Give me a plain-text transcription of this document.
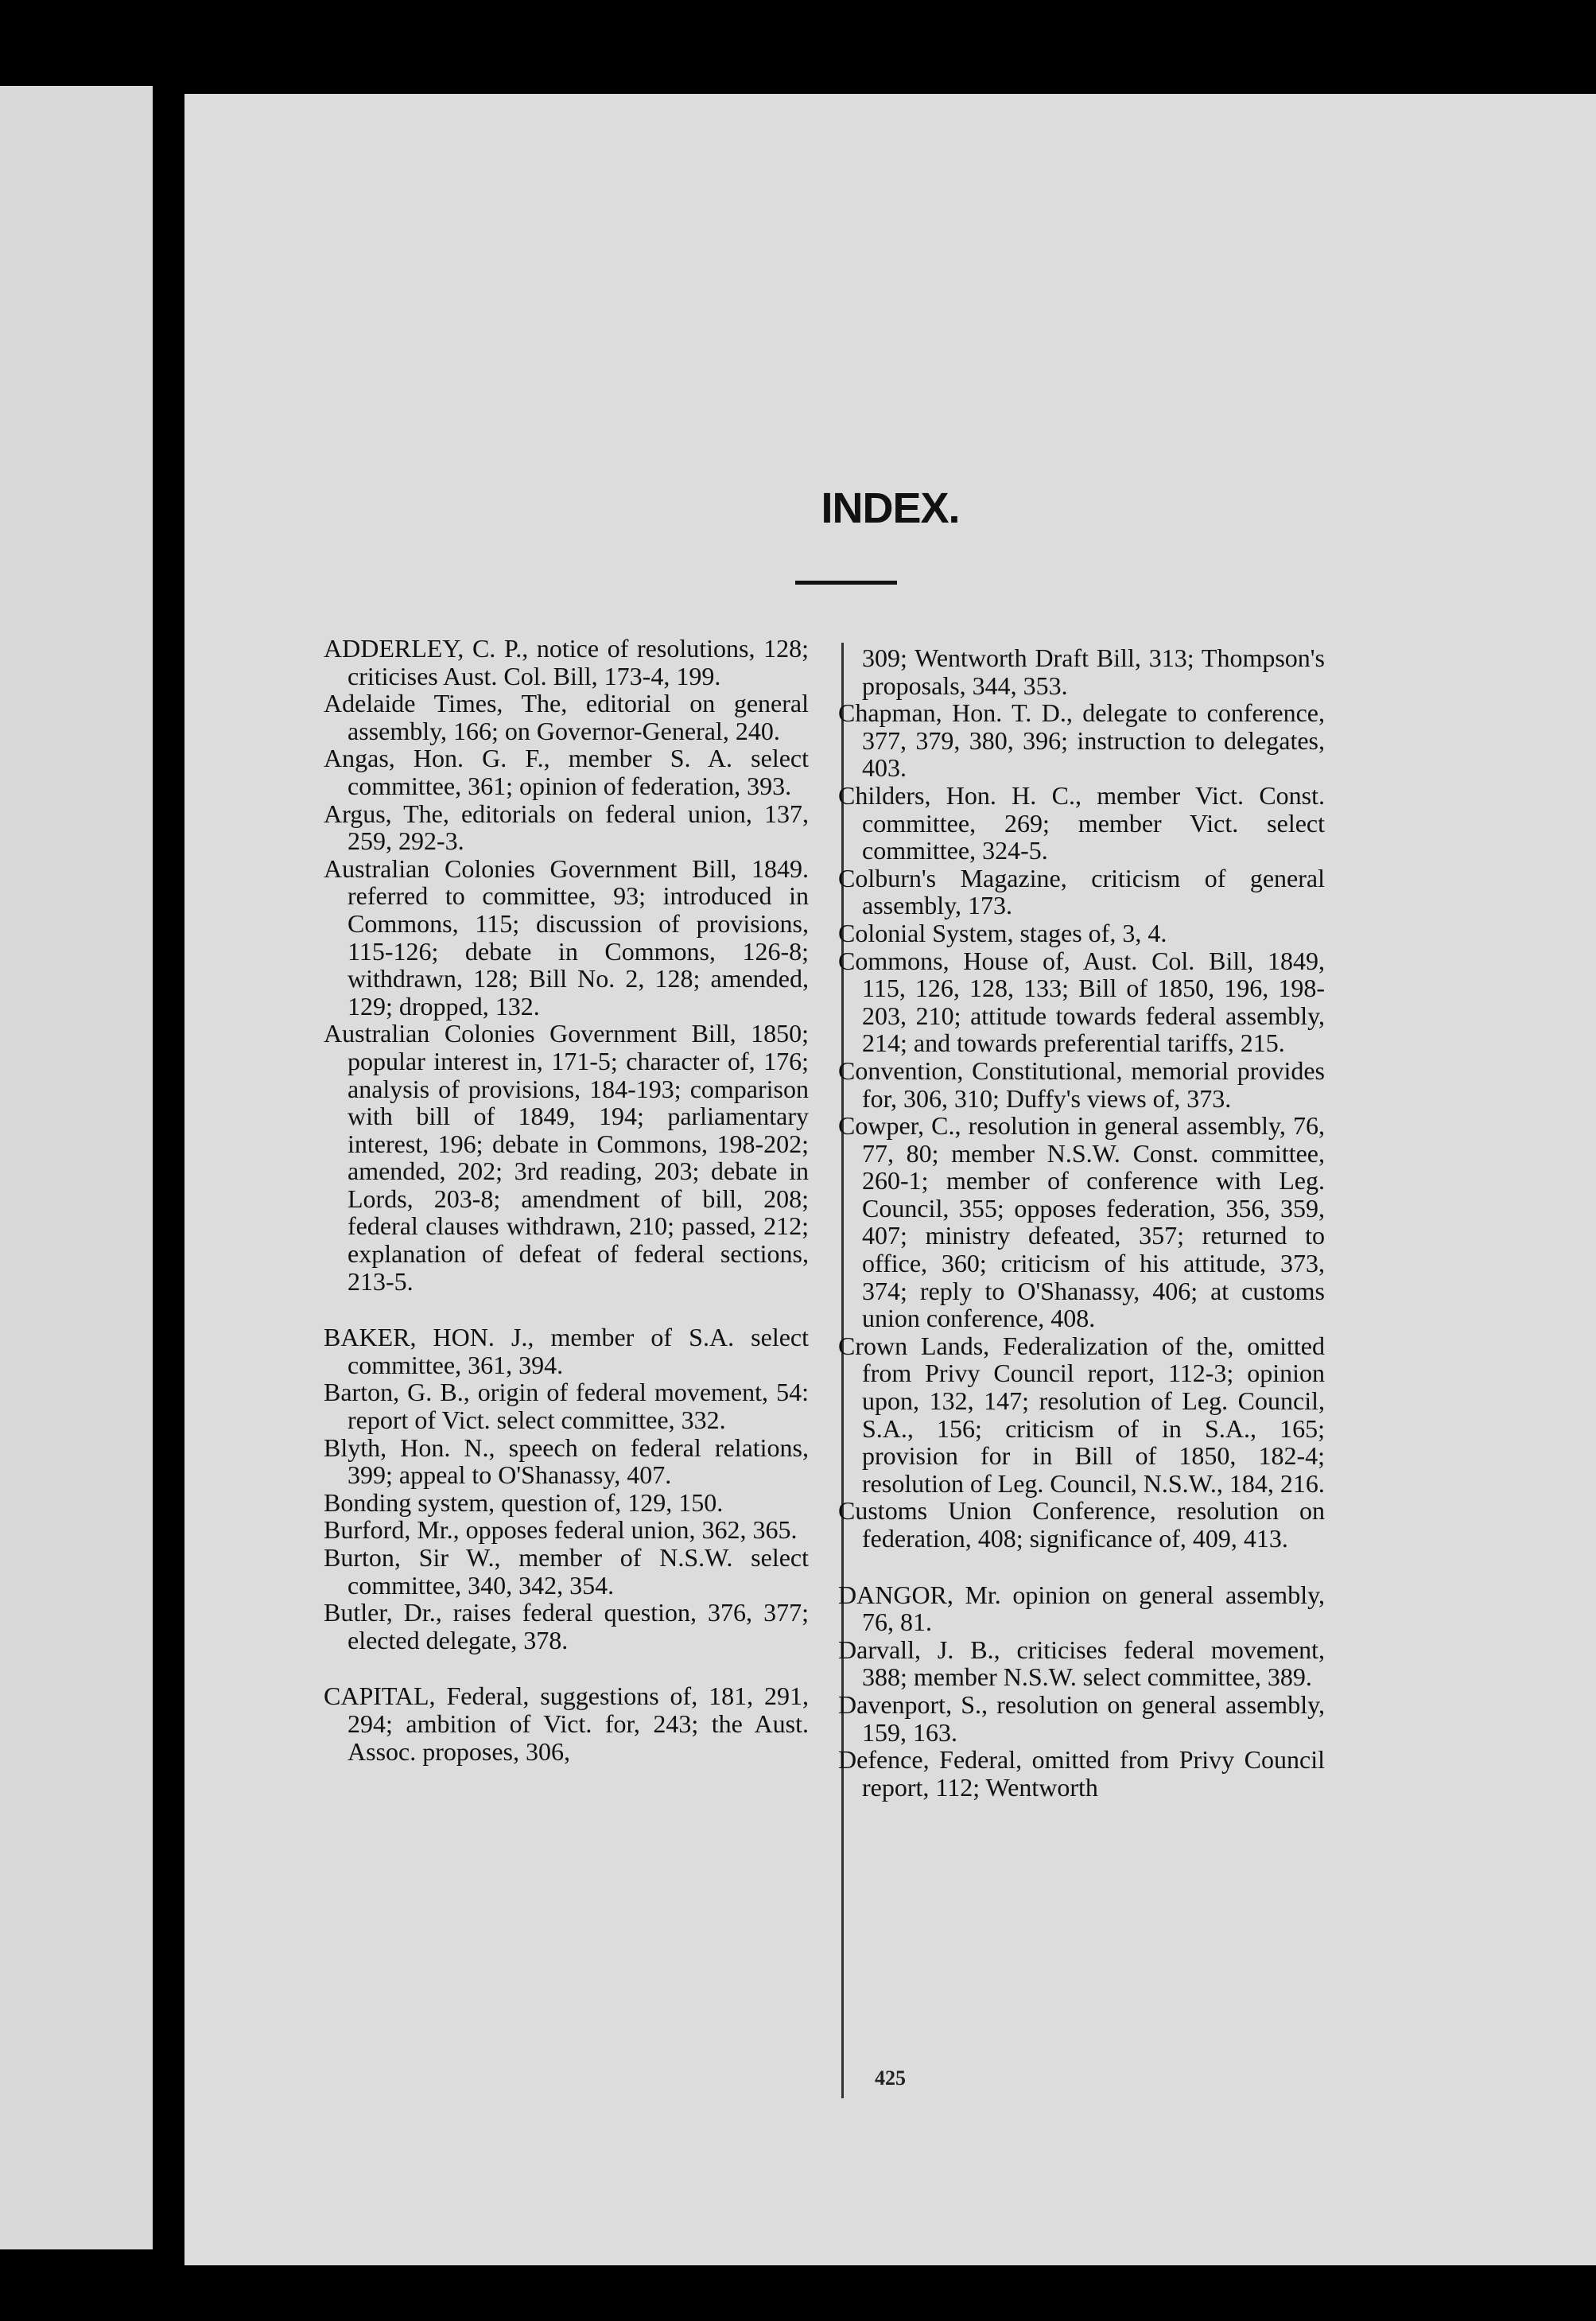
INDEX.
ADDERLEY, C. P., notice of resolutions, 128; criticises Aust. Col. Bill, 173-4, 199.
Adelaide Times, The, editorial on general assembly, 166; on Governor-General, 240.
Angas, Hon. G. F., member S. A. select committee, 361; opinion of federation, 393.
Argus, The, editorials on federal union, 137, 259, 292-3.
Australian Colonies Government Bill, 1849. referred to committee, 93; introduced in Commons, 115; discussion of provisions, 115-126; debate in Commons, 126-8; withdrawn, 128; Bill No. 2, 128; amended, 129; dropped, 132.
Australian Colonies Government Bill, 1850; popular interest in, 171-5; character of, 176; analysis of provisions, 184-193; comparison with bill of 1849, 194; parliamentary interest, 196; debate in Commons, 198-202; amended, 202; 3rd reading, 203; debate in Lords, 203-8; amendment of bill, 208; federal clauses withdrawn, 210; passed, 212; explanation of defeat of federal sections, 213-5.
BAKER, HON. J., member of S.A. select committee, 361, 394.
Barton, G. B., origin of federal movement, 54: report of Vict. select committee, 332.
Blyth, Hon. N., speech on federal relations, 399; appeal to O'Shanassy, 407.
Bonding system, question of, 129, 150.
Burford, Mr., opposes federal union, 362, 365.
Burton, Sir W., member of N.S.W. select committee, 340, 342, 354.
Butler, Dr., raises federal question, 376, 377; elected delegate, 378.
CAPITAL, Federal, suggestions of, 181, 291, 294; ambition of Vict. for, 243; the Aust. Assoc. proposes, 306,
309; Wentworth Draft Bill, 313; Thompson's proposals, 344, 353.
Chapman, Hon. T. D., delegate to conference, 377, 379, 380, 396; instruction to delegates, 403.
Childers, Hon. H. C., member Vict. Const. committee, 269; member Vict. select committee, 324-5.
Colburn's Magazine, criticism of general assembly, 173.
Colonial System, stages of, 3, 4.
Commons, House of, Aust. Col. Bill, 1849, 115, 126, 128, 133; Bill of 1850, 196, 198-203, 210; attitude towards federal assembly, 214; and towards preferential tariffs, 215.
Convention, Constitutional, memorial provides for, 306, 310; Duffy's views of, 373.
Cowper, C., resolution in general assembly, 76, 77, 80; member N.S.W. Const. committee, 260-1; member of conference with Leg. Council, 355; opposes federation, 356, 359, 407; ministry defeated, 357; returned to office, 360; criticism of his attitude, 373, 374; reply to O'Shanassy, 406; at customs union conference, 408.
Crown Lands, Federalization of the, omitted from Privy Council report, 112-3; opinion upon, 132, 147; resolution of Leg. Council, S.A., 156; criticism of in S.A., 165; provision for in Bill of 1850, 182-4; resolution of Leg. Council, N.S.W., 184, 216.
Customs Union Conference, resolution on federation, 408; significance of, 409, 413.
DANGOR, Mr. opinion on general assembly, 76, 81.
Darvall, J. B., criticises federal movement, 388; member N.S.W. select committee, 389.
Davenport, S., resolution on general assembly, 159, 163.
Defence, Federal, omitted from Privy Council report, 112; Wentworth
425
